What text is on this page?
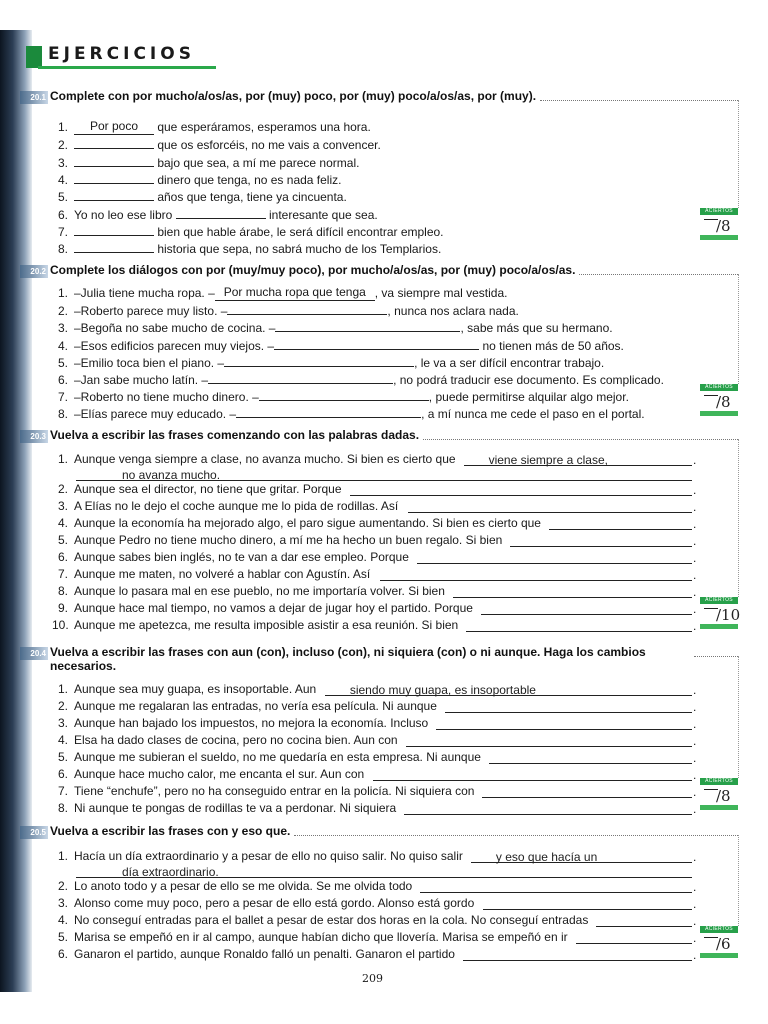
EJERCICIOS
20.1 Complete con por mucho/a/os/as, por (muy) poco, por (muy) poco/a/os/as, por (muy).
1. Por poco que esperáramos, esperamos una hora.
2.	que os esforcéis, no me vais a convencer.
3.	bajo que sea, a mí me parece normal.
4.	dinero que tenga, no es nada feliz.
5.	años que tenga, tiene ya cincuenta.
6. Yo no leo ese libro	interesante que sea.
7.	bien que hable árabe, le será difícil encontrar empleo.
8.	historia que sepa, no sabrá mucho de los Templarios.
ACIERTOS
/8
20.2 Complete los diálogos con por (muy/muy poco), por mucho/a/os/as, por (muy) poco/a/os/as.
1. –Julia tiene mucha ropa. – Por mucha ropa que tenga , va siempre mal vestida.
2. –Roberto parece muy listo. –	, nunca nos aclara nada.
3. –Begoña no sabe mucho de cocina. –	, sabe más que su hermano.
4. –Esos edificios parecen muy viejos. –	no tienen más de 50 años.
5. –Emilio toca bien el piano. –	, le va a ser difícil encontrar trabajo.
6. –Jan sabe mucho latín. –	, no podrá traducir ese documento. Es complicado.
7. –Roberto no tiene mucho dinero. –	, puede permitirse alquilar algo mejor.
8. –Elías parece muy educado. –	, a mí nunca me cede el paso en el portal.
ACIERTOS
/8
20.3 Vuelva a escribir las frases comenzando con las palabras dadas.
1. Aunque venga siempre a clase, no avanza mucho. Si bien es cierto que	.
viene siempre a clase,
no avanza mucho.
2. Aunque sea el director, no tiene que gritar. Porque	.
3. A Elías no le dejo el coche aunque me lo pida de rodillas. Así	.
4. Aunque la economía ha mejorado algo, el paro sigue aumentando. Si bien es cierto que	.
5. Aunque Pedro no tiene mucho dinero, a mí me ha hecho un buen regalo. Si bien	.
6. Aunque sabes bien inglés, no te van a dar ese empleo. Porque	.
7. Aunque me maten, no volveré a hablar con Agustín. Así	.
8. Aunque lo pasara mal en ese pueblo, no me importaría volver. Si bien	.
9. Aunque hace mal tiempo, no vamos a dejar de jugar hoy el partido. Porque	.
10. Aunque me apetezca, me resulta imposible asistir a esa reunión. Si bien	.
ACIERTOS
/10
20.4 Vuelva a escribir las frases con aun (con), incluso (con), ni siquiera (con) o ni aunque. Haga los cambios necesarios.
1. Aunque sea muy guapa, es insoportable. Aun	.
siendo muy guapa, es insoportable
2. Aunque me regalaran las entradas, no vería esa película. Ni aunque	.
3. Aunque han bajado los impuestos, no mejora la economía. Incluso	.
4. Elsa ha dado clases de cocina, pero no cocina bien. Aun con	.
5. Aunque me subieran el sueldo, no me quedaría en esta empresa. Ni aunque	.
6. Aunque hace mucho calor, me encanta el sur. Aun con	.
7. Tiene “enchufe”, pero no ha conseguido entrar en la policía. Ni siquiera con	.
8. Ni aunque te pongas de rodillas te va a perdonar. Ni siquiera	.
ACIERTOS
/8
20.5 Vuelva a escribir las frases con y eso que.
1. Hacía un día extraordinario y a pesar de ello no quiso salir. No quiso salir	.
y eso que hacía un
día extraordinario.
2. Lo anoto todo y a pesar de ello se me olvida. Se me olvida todo	.
3. Alonso come muy poco, pero a pesar de ello está gordo. Alonso está gordo	.
4. No conseguí entradas para el ballet a pesar de estar dos horas en la cola. No conseguí entradas	.
5. Marisa se empeñó en ir al campo, aunque habían dicho que llovería. Marisa se empeñó en ir	.
6. Ganaron el partido, aunque Ronaldo falló un penalti. Ganaron el partido	.
ACIERTOS
/6
209
